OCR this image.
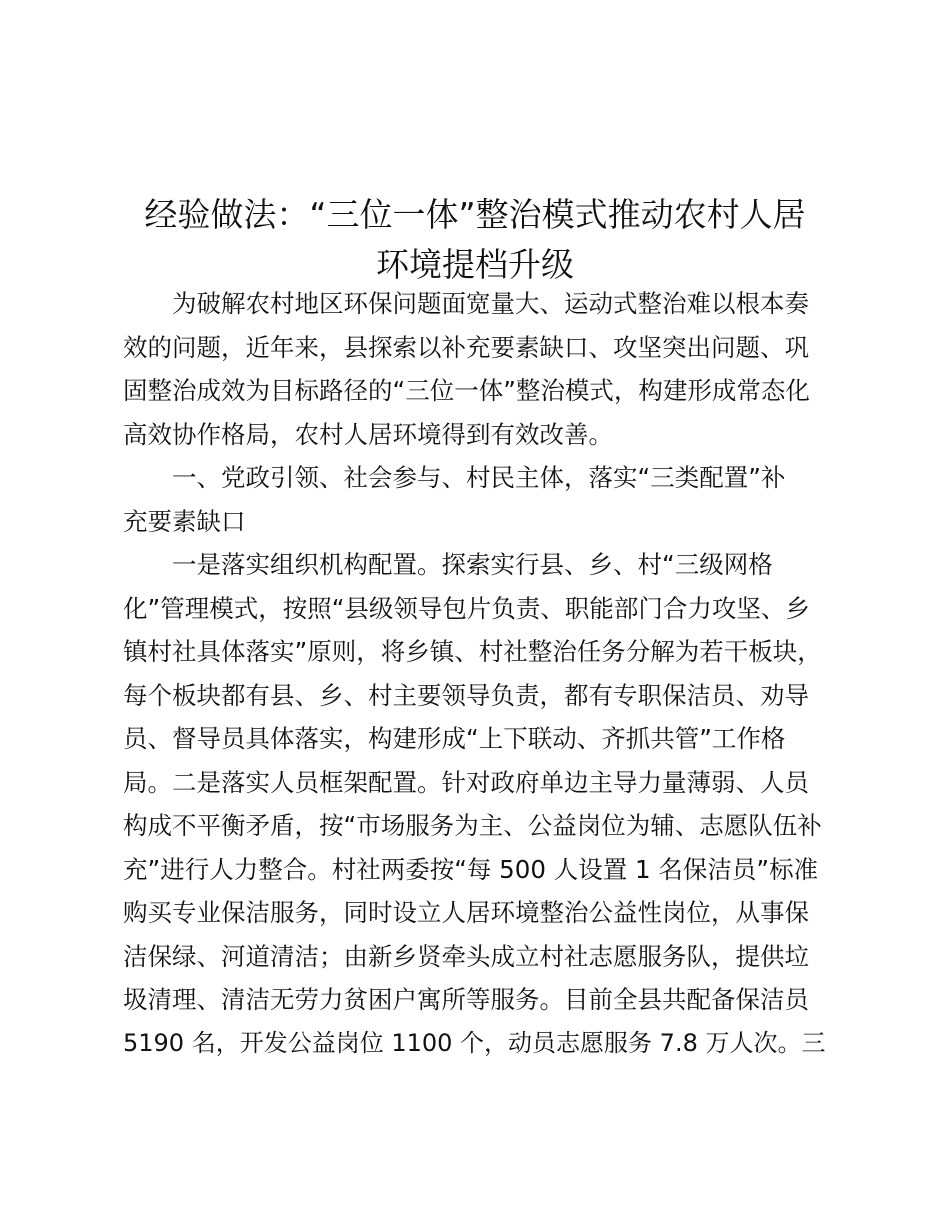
经验做法：“三位一体”整治模式推动农村人居
环境提档升级
为破解农村地区环保问题面宽量大、运动式整治难以根本奏
效的问题，近年来，县探索以补充要素缺口、攻坚突出问题、巩
固整治成效为目标路径的“三位一体”整治模式，构建形成常态化
高效协作格局，农村人居环境得到有效改善。
一、党政引领、社会参与、村民主体，落实“三类配置”补
充要素缺口
一是落实组织机构配置。探索实行县、乡、村“三级网格
化”管理模式，按照“县级领导包片负责、职能部门合力攻坚、乡
镇村社具体落实”原则，将乡镇、村社整治任务分解为若干板块，
每个板块都有县、乡、村主要领导负责，都有专职保洁员、劝导
员、督导员具体落实，构建形成“上下联动、齐抓共管”工作格
局。二是落实人员框架配置。针对政府单边主导力量薄弱、人员
构成不平衡矛盾，按“市场服务为主、公益岗位为辅、志愿队伍补
充”进行人力整合。村社两委按“每 500 人设置 1 名保洁员”标准
购买专业保洁服务，同时设立人居环境整治公益性岗位，从事保
洁保绿、河道清洁；由新乡贤牵头成立村社志愿服务队，提供垃
圾清理、清洁无劳力贫困户寓所等服务。目前全县共配备保洁员
5190 名，开发公益岗位 1100 个，动员志愿服务 7.8 万人次。三
